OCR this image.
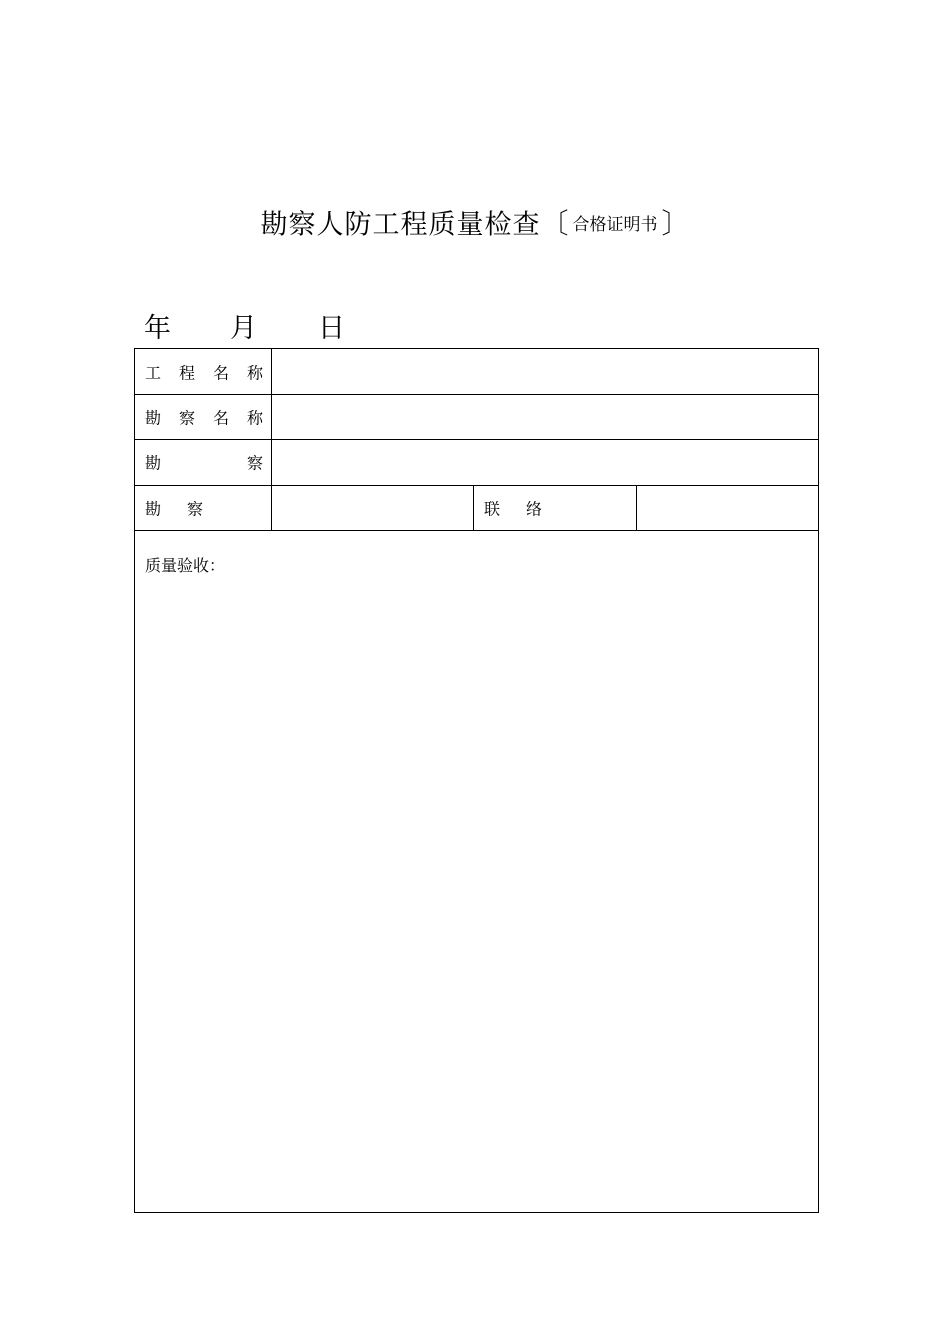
勘察人防工程质量检查〔 合格证明书 〕
年 月 日
工 程 名 称
勘 察 名 称
勘	察
勘 察	联 络
质量验收：
